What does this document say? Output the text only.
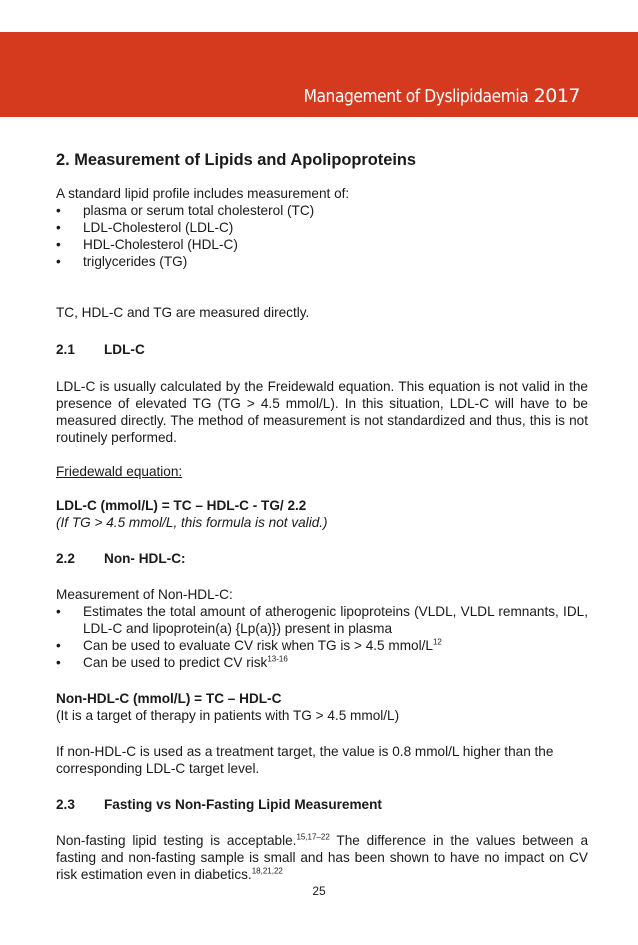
Management of Dyslipidaemia 2017

2. Measurement of Lipids and Apolipoproteins

A standard lipid profile includes measurement of:

• plasma or serum total cholesterol (TC)
• LDL-Cholesterol (LDL-C)
• HDL-Cholesterol (HDL-C)
• triglycerides (TG)

TC, HDL-C and TG are measured directly.

2.1	LDL-C

LDL-C is usually calculated by the Freidewald equation. This equation is not valid in the presence of elevated TG (TG > 4.5 mmol/L). In this situation, LDL-C will have to be measured directly. The method of measurement is not standardized and thus, this is not routinely performed.

Friedewald equation:

LDL-C (mmol/L) = TC – HDL-C - TG/ 2.2

(If TG > 4.5 mmol/L, this formula is not valid.)

2.2	Non- HDL-C:

Measurement of Non-HDL-C:

• Estimates the total amount of atherogenic lipoproteins (VLDL, VLDL remnants, IDL, LDL-C and lipoprotein(a) {Lp(a)}) present in plasma
• Can be used to evaluate CV risk when TG is > 4.5 mmol/$L^{12}$
• Can be used to predict CV risk$^{13-16}$

Non-HDL-C (mmol/L) = TC – HDL-C

(It is a target of therapy in patients with TG > 4.5 mmol/L)

If non-HDL-C is used as a treatment target, the value is 0.8 mmol/L higher than the corresponding LDL-C target level.

2.3	Fasting vs Non-Fasting Lipid Measurement

Non-fasting lipid testing is acceptable.$^{15,17-22}$ The difference in the values between a fasting and non-fasting sample is small and has been shown to have no impact on CV risk estimation even in diabetics.$^{18,21,22}$

25
